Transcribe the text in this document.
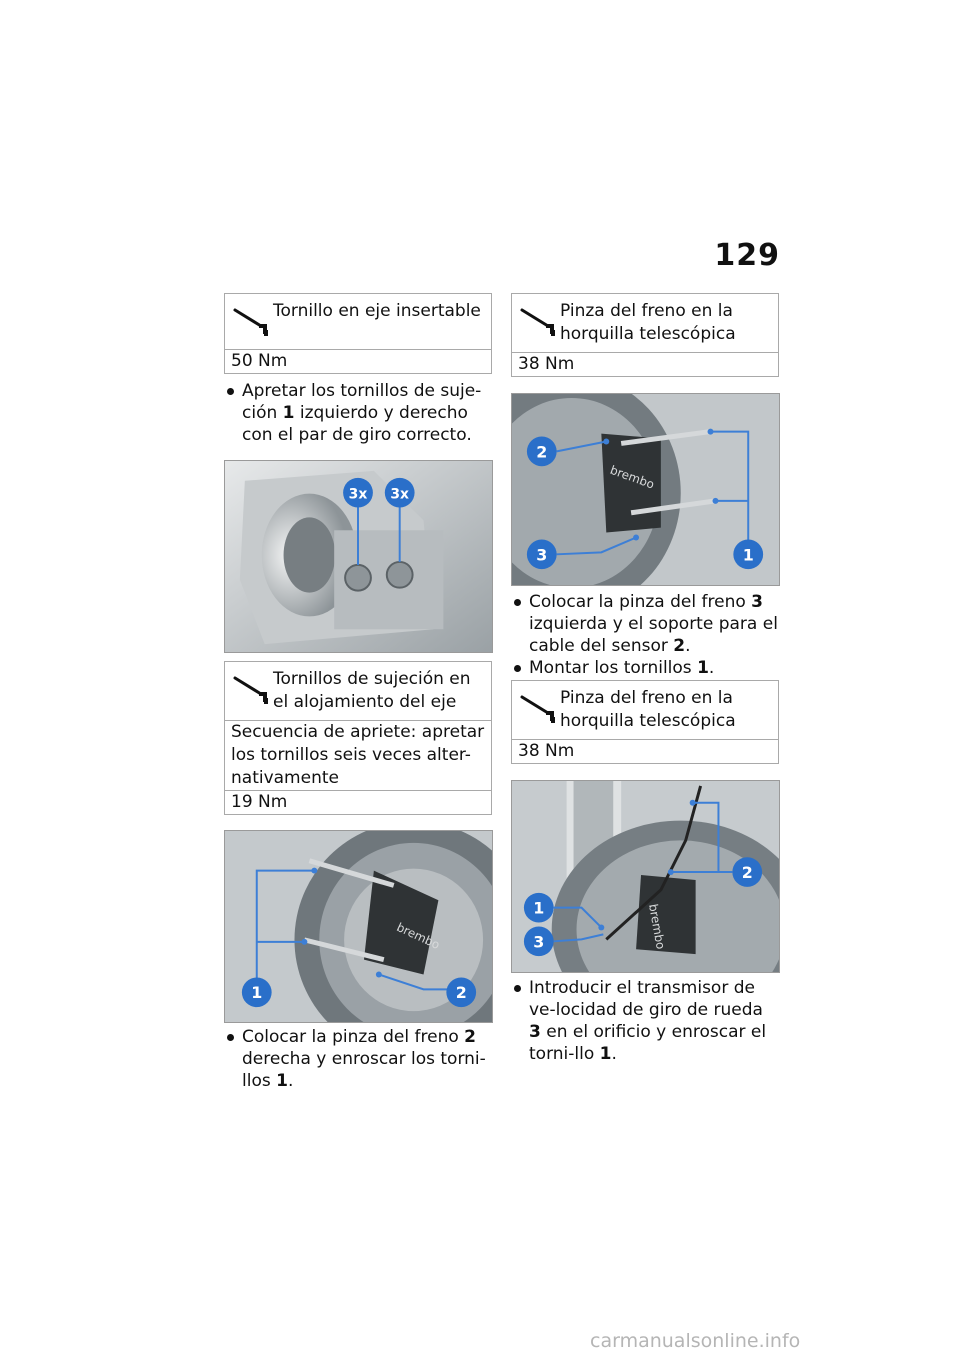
129
Tornillo en eje insertable
50 Nm

Apretar los tornillos de suje-ción 1 izquierdo y derecho con el par de giro correcto.

3x 3x
Tornillos de sujeción en el alojamiento del eje
Secuencia de apriete: apretar los tornillos seis veces alter-nativamente
19 Nm
brembo
1	2

Colocar la pinza del freno 2 derecha y enroscar los torni-llos 1.

Pinza del freno en la horquilla telescópica
38 Nm
brembo
2
3	1

Colocar la pinza del freno 3 izquierda y el soporte para el cable del sensor 2.

Montar los tornillos 1.

Pinza del freno en la horquilla telescópica
38 Nm
brembo
2
1
3

Introducir el transmisor de ve-locidad de giro de rueda 3 en el orificio y enroscar el torni-llo 1.

carmanualsonline.info
